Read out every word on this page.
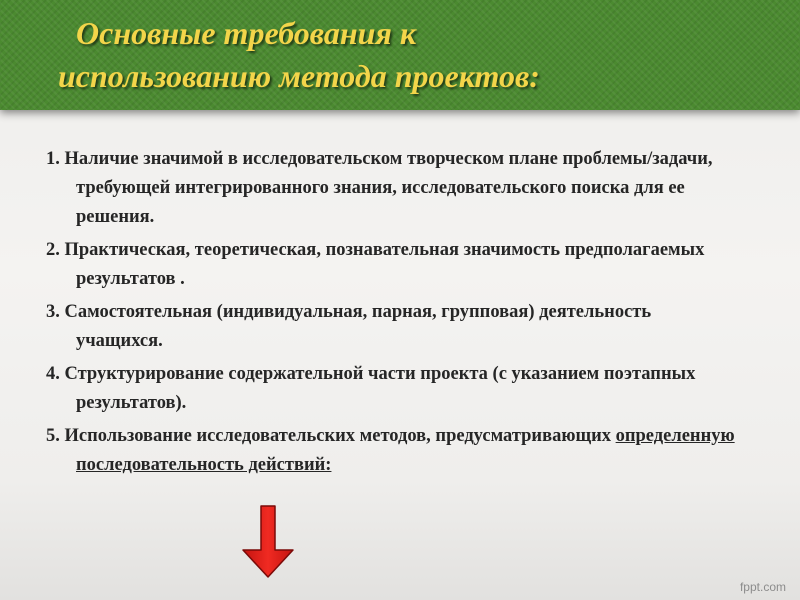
Основные требования к
использованию метода проектов:
1. Наличие значимой в исследовательском творческом плане проблемы/задачи, требующей интегрированного знания, исследовательского поиска для ее решения.
2. Практическая, теоретическая, познавательная значимость предполагаемых результатов .
3. Самостоятельная (индивидуальная, парная, групповая) деятельность учащихся.
4. Структурирование содержательной части проекта (с указанием поэтапных результатов).
5. Использование исследовательских методов, предусматривающих определенную последовательность действий:
fppt.com
